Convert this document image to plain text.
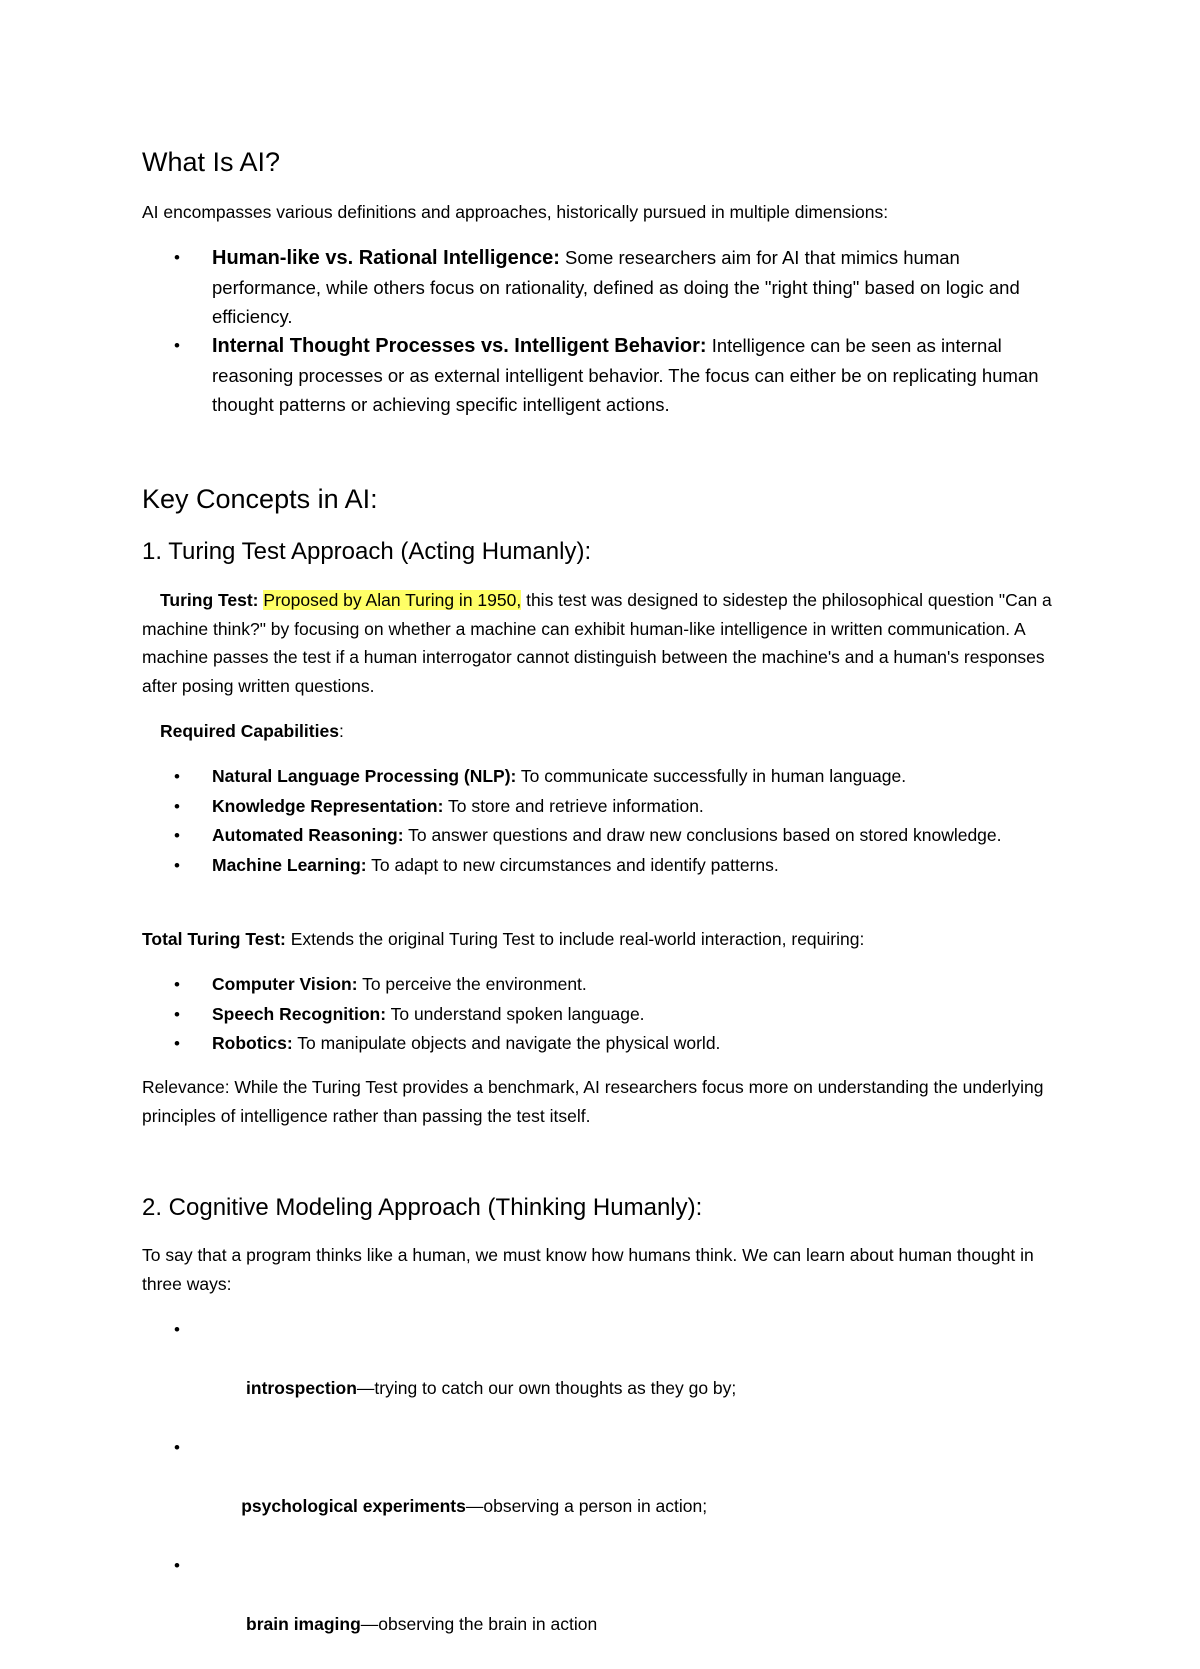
What Is AI?
AI encompasses various definitions and approaches, historically pursued in multiple dimensions:
• Human-like vs. Rational Intelligence: Some researchers aim for AI that mimics human performance, while others focus on rationality, defined as doing the "right thing" based on logic and efficiency.
• Internal Thought Processes vs. Intelligent Behavior: Intelligence can be seen as internal reasoning processes or as external intelligent behavior. The focus can either be on replicating human thought patterns or achieving specific intelligent actions.
Key Concepts in AI:
1. Turing Test Approach (Acting Humanly):
Turing Test: Proposed by Alan Turing in 1950, this test was designed to sidestep the philosophical question "Can a machine think?" by focusing on whether a machine can exhibit human-like intelligence in written communication. A machine passes the test if a human interrogator cannot distinguish between the machine's and a human's responses after posing written questions.
Required Capabilities:
• Natural Language Processing (NLP): To communicate successfully in human language.
• Knowledge Representation: To store and retrieve information.
• Automated Reasoning: To answer questions and draw new conclusions based on stored knowledge.
• Machine Learning: To adapt to new circumstances and identify patterns.
Total Turing Test: Extends the original Turing Test to include real-world interaction, requiring:
• Computer Vision: To perceive the environment.
• Speech Recognition: To understand spoken language.
• Robotics: To manipulate objects and navigate the physical world.
Relevance: While the Turing Test provides a benchmark, AI researchers focus more on understanding the underlying principles of intelligence rather than passing the test itself.
2. Cognitive Modeling Approach (Thinking Humanly):
To say that a program thinks like a human, we must know how humans think. We can learn about human thought in three ways:

•

introspection—trying to catch our own thoughts as they go by;

•

psychological experiments—observing a person in action;

•

brain imaging—observing the brain in action
